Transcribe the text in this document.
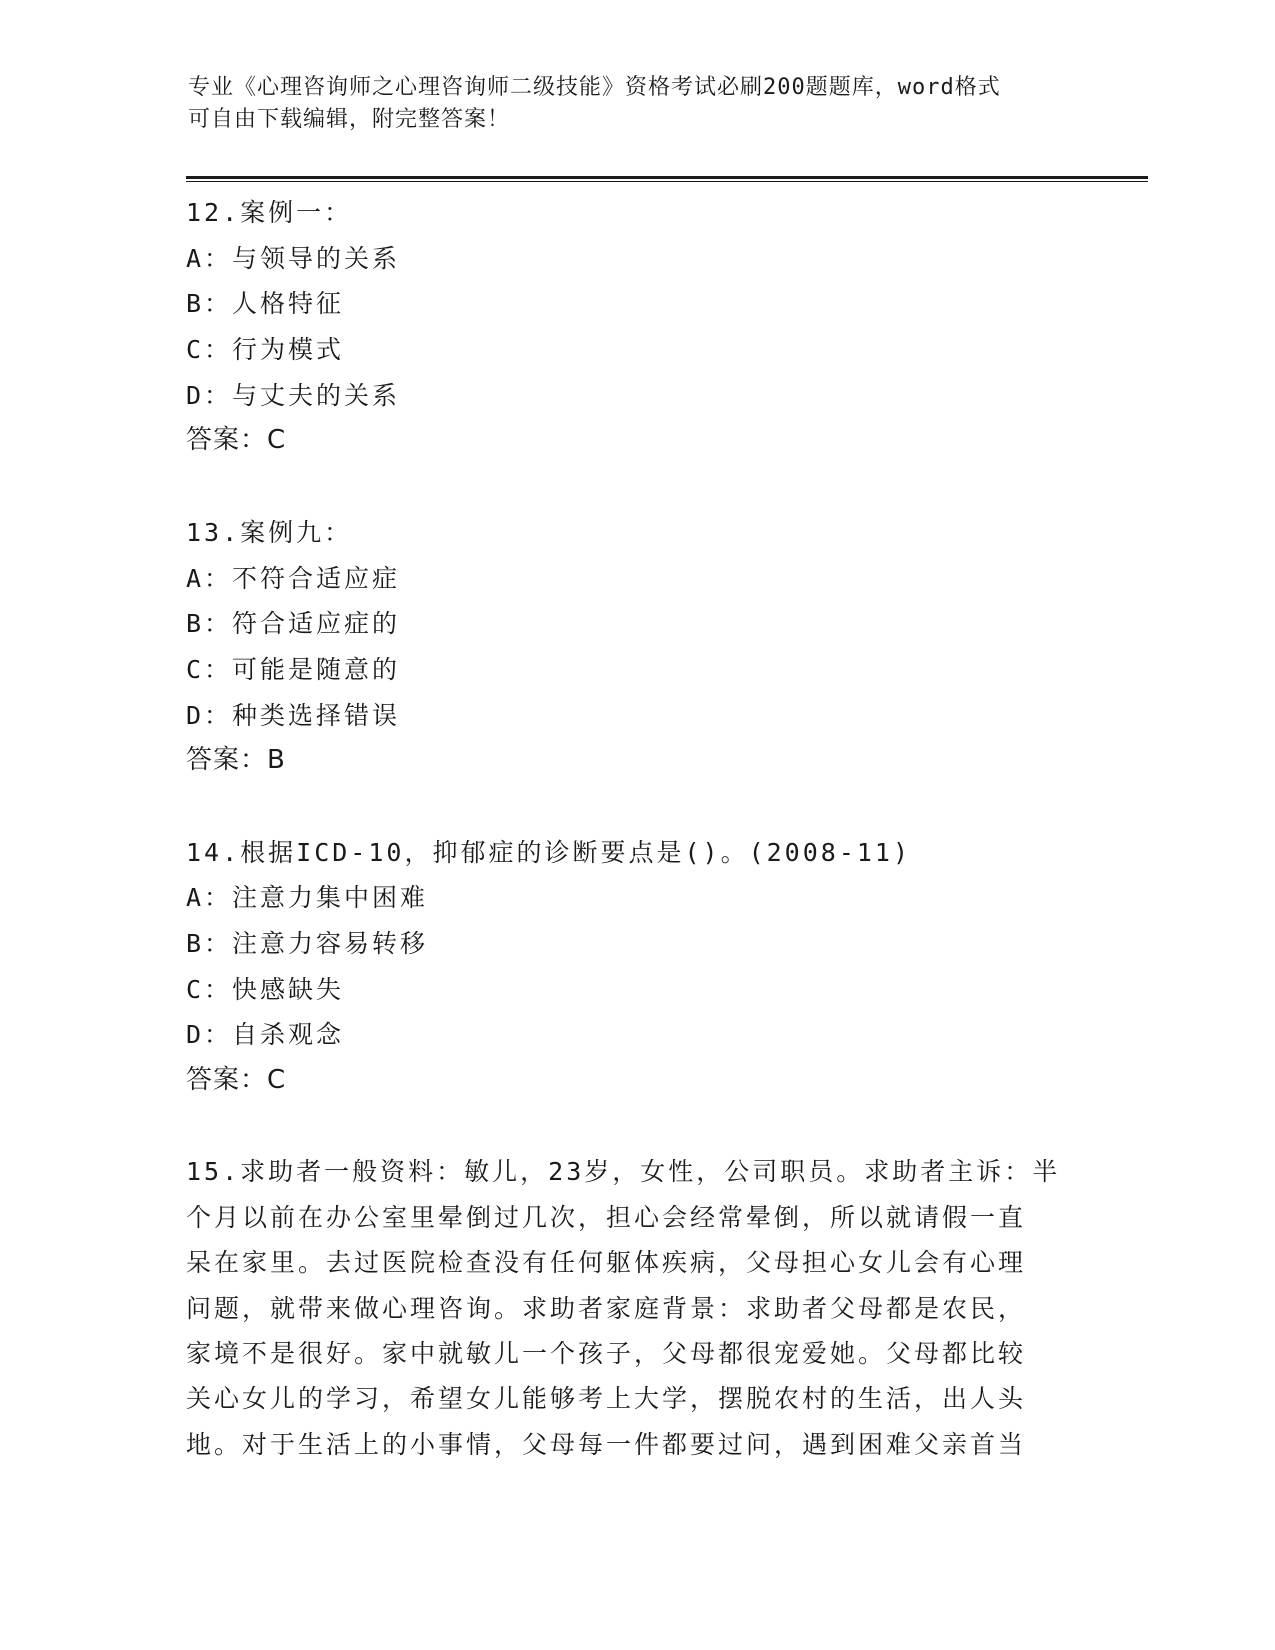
专业《心理咨询师之心理咨询师二级技能》资格考试必刷200题题库，word格式
可自由下载编辑，附完整答案！
12.案例一：
A：与领导的关系
B：人格特征
C：行为模式
D：与丈夫的关系
答案：C
13.案例九：
A：不符合适应症
B：符合适应症的
C：可能是随意的
D：种类选择错误
答案：B
14.根据ICD-10，抑郁症的诊断要点是()。(2008-11)
A：注意力集中困难
B：注意力容易转移
C：快感缺失
D：自杀观念
答案：C
15.求助者一般资料：敏儿，23岁，女性，公司职员。求助者主诉：半
个月以前在办公室里晕倒过几次，担心会经常晕倒，所以就请假一直
呆在家里。去过医院检查没有任何躯体疾病，父母担心女儿会有心理
问题，就带来做心理咨询。求助者家庭背景：求助者父母都是农民，
家境不是很好。家中就敏儿一个孩子，父母都很宠爱她。父母都比较
关心女儿的学习，希望女儿能够考上大学，摆脱农村的生活，出人头
地。对于生活上的小事情，父母每一件都要过问，遇到困难父亲首当
